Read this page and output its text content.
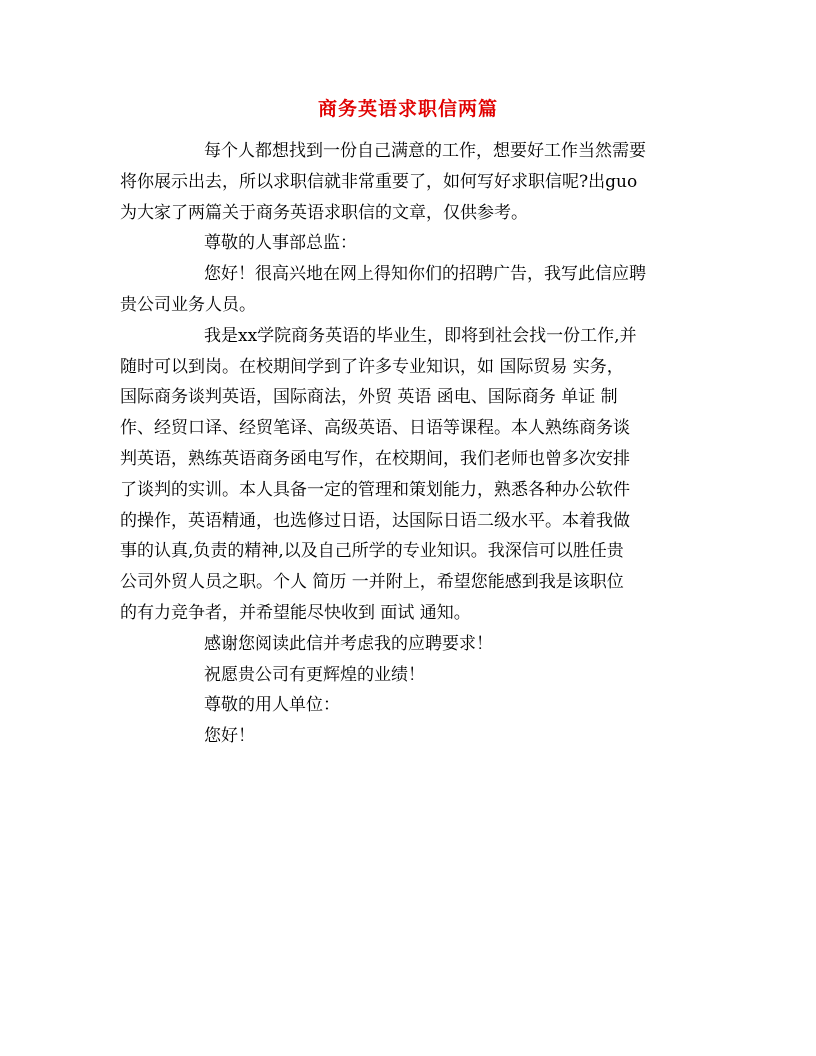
商务英语求职信两篇
每个人都想找到一份自己满意的工作，想要好工作当然需要
将你展示出去，所以求职信就非常重要了，如何写好求职信呢?出guo
为大家了两篇关于商务英语求职信的文章，仅供参考。
尊敬的人事部总监：
您好！很高兴地在网上得知你们的招聘广告，我写此信应聘
贵公司业务人员。
我是xx学院商务英语的毕业生，即将到社会找一份工作,并
随时可以到岗。在校期间学到了许多专业知识，如 国际贸易 实务，
国际商务谈判英语，国际商法，外贸 英语 函电、国际商务 单证 制
作、经贸口译、经贸笔译、高级英语、日语等课程。本人熟练商务谈
判英语，熟练英语商务函电写作，在校期间，我们老师也曾多次安排
了谈判的实训。本人具备一定的管理和策划能力，熟悉各种办公软件
的操作，英语精通，也选修过日语，达国际日语二级水平。本着我做
事的认真,负责的精神,以及自己所学的专业知识。我深信可以胜任贵
公司外贸人员之职。个人 简历 一并附上，希望您能感到我是该职位
的有力竞争者，并希望能尽快收到 面试 通知。
感谢您阅读此信并考虑我的应聘要求！
祝愿贵公司有更辉煌的业绩！
尊敬的用人单位：
您好！
